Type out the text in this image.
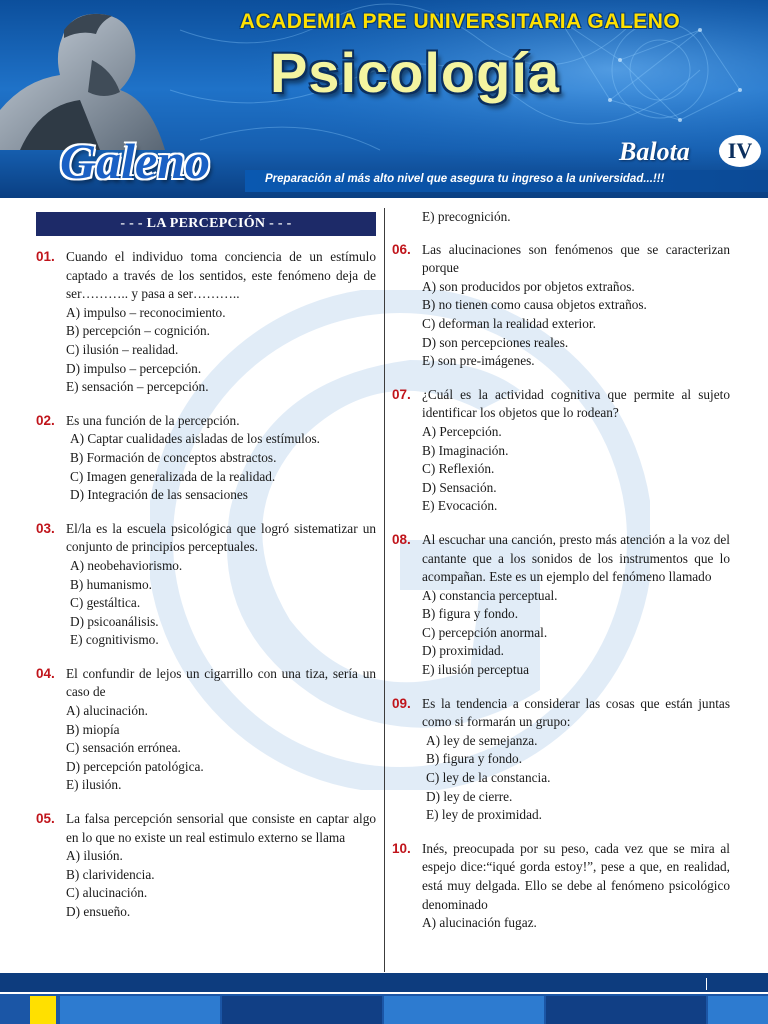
ACADEMIA PRE UNIVERSITARIA GALENO
Psicología
Preparación al más alto nivel que asegura tu ingreso a la universidad...!!!
Galeno	Balota	IV
- - - LA PERCEPCIÓN - - -
01. Cuando el individuo toma conciencia de un estímulo captado a través de los sentidos, este fenómeno deja de ser……….. y pasa a ser………..
A) impulso – reconocimiento.
B) percepción – cognición.
C) ilusión – realidad.
D) impulso – percepción.
E) sensación – percepción.
02. Es una función de la percepción.
A) Captar cualidades aisladas de los estímulos.
B) Formación de conceptos abstractos.
C) Imagen generalizada de la realidad.
D) Integración de las sensaciones
03. El/la es la escuela psicológica que logró sistematizar un conjunto de principios perceptuales.
A) neobehaviorismo.
B) humanismo.
C) gestáltica.
D) psicoanálisis.
E) cognitivismo.
04. El confundir de lejos un cigarrillo con una tiza, sería un caso de
A) alucinación.
B) miopía
C) sensación errónea.
D) percepción patológica.
E) ilusión.
05. La falsa percepción sensorial que consiste en captar algo en lo que no existe un real estimulo externo se llama
A) ilusión.
B) clarividencia.
C) alucinación.
D) ensueño.
E) precognición.
06. Las alucinaciones son fenómenos que se caracterizan porque
A) son producidos por objetos extraños.
B) no tienen como causa objetos extraños.
C) deforman la realidad exterior.
D) son percepciones reales.
E) son pre-imágenes.
07. ¿Cuál es la actividad cognitiva que permite al sujeto identificar los objetos que lo rodean?
A) Percepción.
B) Imaginación.
C) Reflexión.
D) Sensación.
E) Evocación.
08. Al escuchar una canción, presto más atención a la voz del cantante que a los sonidos de los instrumentos que lo acompañan. Este es un ejemplo del fenómeno llamado
A) constancia perceptual.
B) figura y fondo.
C) percepción anormal.
D) proximidad.
E) ilusión perceptua
09. Es la tendencia a considerar las cosas que están juntas como si formarán un grupo:
A) ley de semejanza.
B) figura y fondo.
C) ley de la constancia.
D) ley de cierre.
E) ley de proximidad.
10. Inés, preocupada por su peso, cada vez que se mira al espejo dice:“iqué gorda estoy!”, pese a que, en realidad, está muy delgada. Ello se debe al fenómeno psicológico denominado
A) alucinación fugaz.
